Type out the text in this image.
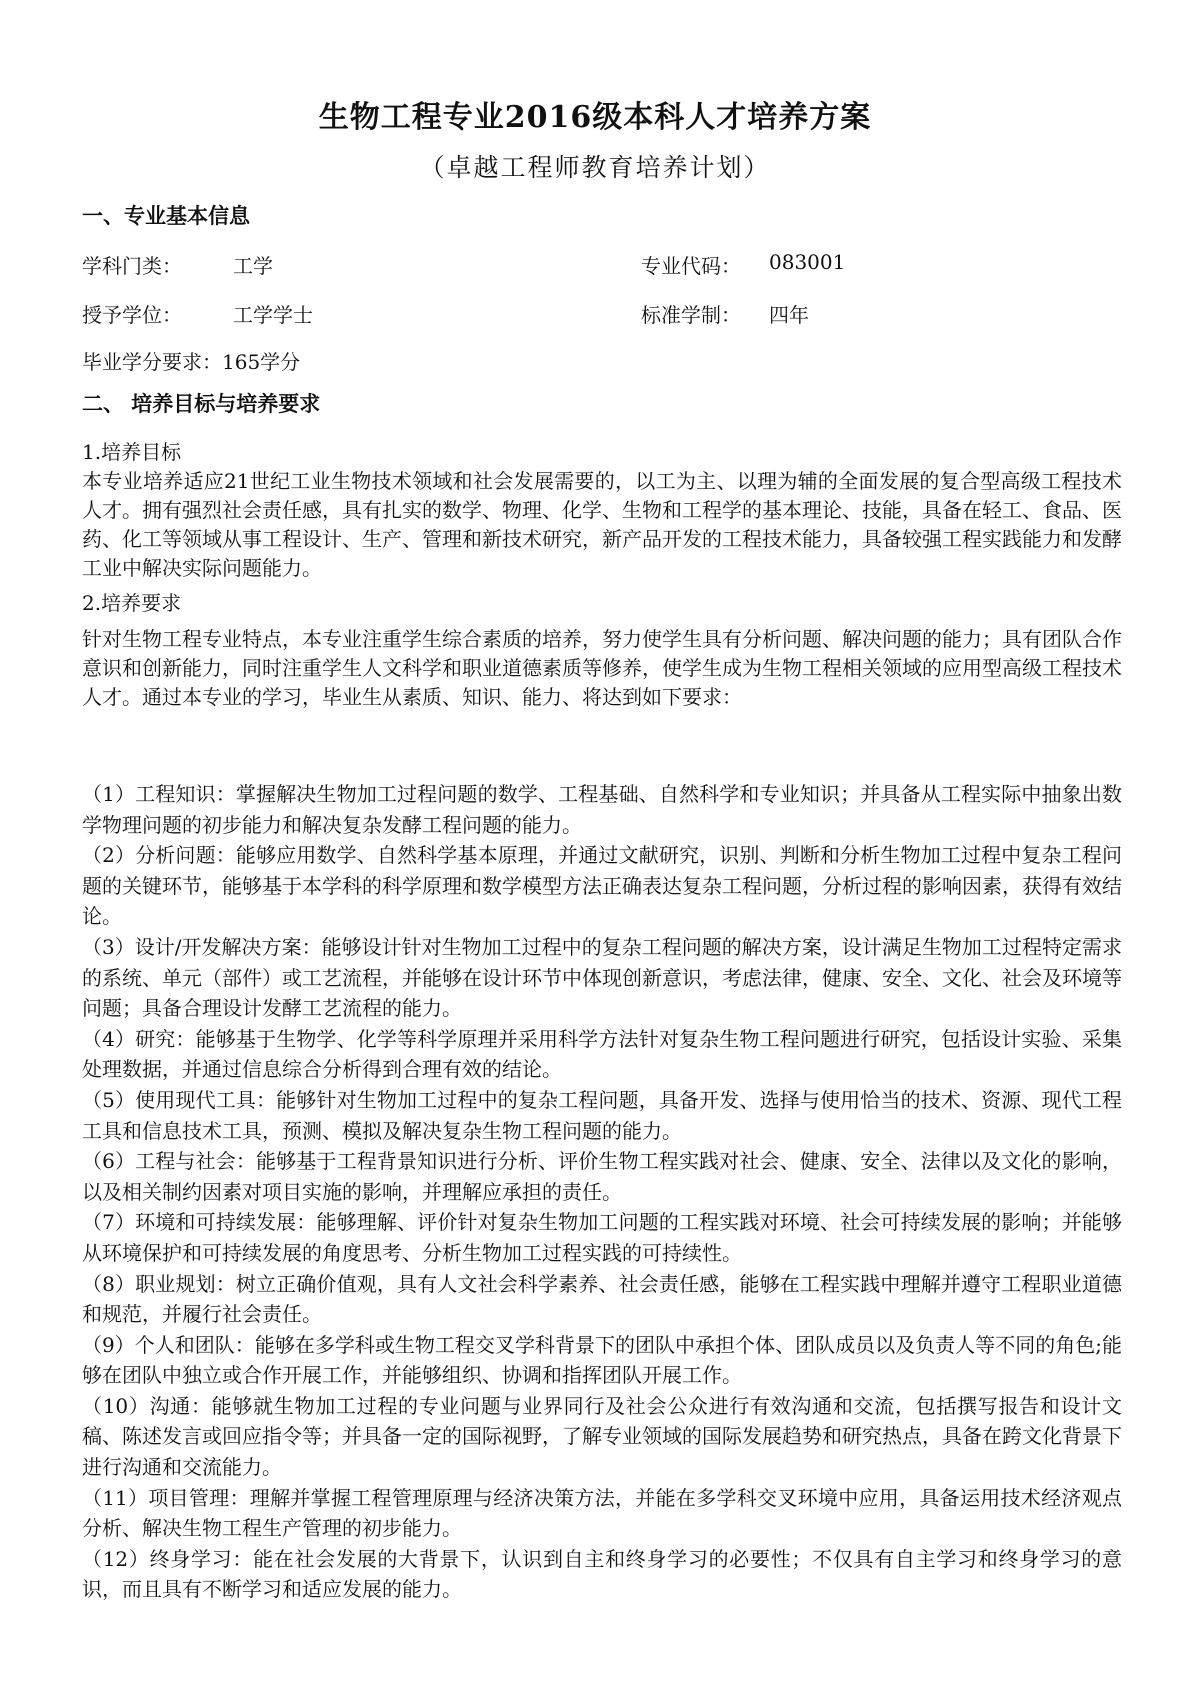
生物工程专业2016级本科人才培养方案
（卓越工程师教育培养计划）
一、专业基本信息
学科门类：	工学	专业代码： 083001
授予学位：	工学学士	标准学制： 四年
毕业学分要求：165学分
二、 培养目标与培养要求
1.培养目标
本专业培养适应21世纪工业生物技术领域和社会发展需要的，以工为主、以理为辅的全面发展的复合型高级工程技术人才。拥有强烈社会责任感，具有扎实的数学、物理、化学、生物和工程学的基本理论、技能，具备在轻工、食品、医药、化工等领域从事工程设计、生产、管理和新技术研究，新产品开发的工程技术能力，具备较强工程实践能力和发酵工业中解决实际问题能力。
2.培养要求
针对生物工程专业特点，本专业注重学生综合素质的培养，努力使学生具有分析问题、解决问题的能力；具有团队合作意识和创新能力，同时注重学生人文科学和职业道德素质等修养，使学生成为生物工程相关领域的应用型高级工程技术人才。通过本专业的学习，毕业生从素质、知识、能力、将达到如下要求：
（1）工程知识：掌握解决生物加工过程问题的数学、工程基础、自然科学和专业知识；并具备从工程实际中抽象出数学物理问题的初步能力和解决复杂发酵工程问题的能力。
（2）分析问题：能够应用数学、自然科学基本原理，并通过文献研究，识别、判断和分析生物加工过程中复杂工程问题的关键环节，能够基于本学科的科学原理和数学模型方法正确表达复杂工程问题，分析过程的影响因素，获得有效结论。
（3）设计/开发解决方案：能够设计针对生物加工过程中的复杂工程问题的解决方案，设计满足生物加工过程特定需求的系统、单元（部件）或工艺流程，并能够在设计环节中体现创新意识，考虑法律，健康、安全、文化、社会及环境等问题；具备合理设计发酵工艺流程的能力。
（4）研究：能够基于生物学、化学等科学原理并采用科学方法针对复杂生物工程问题进行研究，包括设计实验、采集处理数据，并通过信息综合分析得到合理有效的结论。
（5）使用现代工具：能够针对生物加工过程中的复杂工程问题，具备开发、选择与使用恰当的技术、资源、现代工程工具和信息技术工具，预测、模拟及解决复杂生物工程问题的能力。
（6）工程与社会：能够基于工程背景知识进行分析、评价生物工程实践对社会、健康、安全、法律以及文化的影响，以及相关制约因素对项目实施的影响，并理解应承担的责任。
（7）环境和可持续发展：能够理解、评价针对复杂生物加工问题的工程实践对环境、社会可持续发展的影响；并能够从环境保护和可持续发展的角度思考、分析生物加工过程实践的可持续性。
（8）职业规划：树立正确价值观，具有人文社会科学素养、社会责任感，能够在工程实践中理解并遵守工程职业道德和规范，并履行社会责任。
（9）个人和团队：能够在多学科或生物工程交叉学科背景下的团队中承担个体、团队成员以及负责人等不同的角色;能够在团队中独立或合作开展工作，并能够组织、协调和指挥团队开展工作。
（10）沟通：能够就生物加工过程的专业问题与业界同行及社会公众进行有效沟通和交流，包括撰写报告和设计文稿、陈述发言或回应指令等；并具备一定的国际视野，了解专业领域的国际发展趋势和研究热点，具备在跨文化背景下进行沟通和交流能力。
（11）项目管理：理解并掌握工程管理原理与经济决策方法，并能在多学科交叉环境中应用，具备运用技术经济观点分析、解决生物工程生产管理的初步能力。
（12）终身学习：能在社会发展的大背景下，认识到自主和终身学习的必要性；不仅具有自主学习和终身学习的意识，而且具有不断学习和适应发展的能力。
